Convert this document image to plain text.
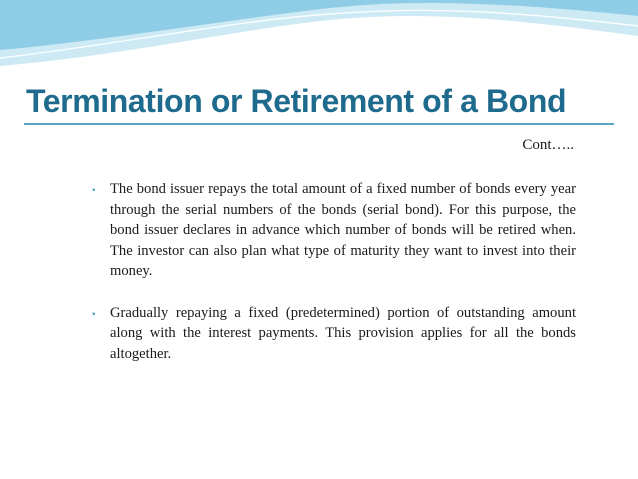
Termination or Retirement of a Bond
Cont…..
▪ The bond issuer repays the total amount of a fixed number of bonds every year through the serial numbers of the bonds (serial bond). For this purpose, the bond issuer declares in advance which number of bonds will be retired when. The investor can also plan what type of maturity they want to invest into their money.
▪ Gradually repaying a fixed (predetermined) portion of outstanding amount along with the interest payments. This provision applies for all the bonds altogether.
